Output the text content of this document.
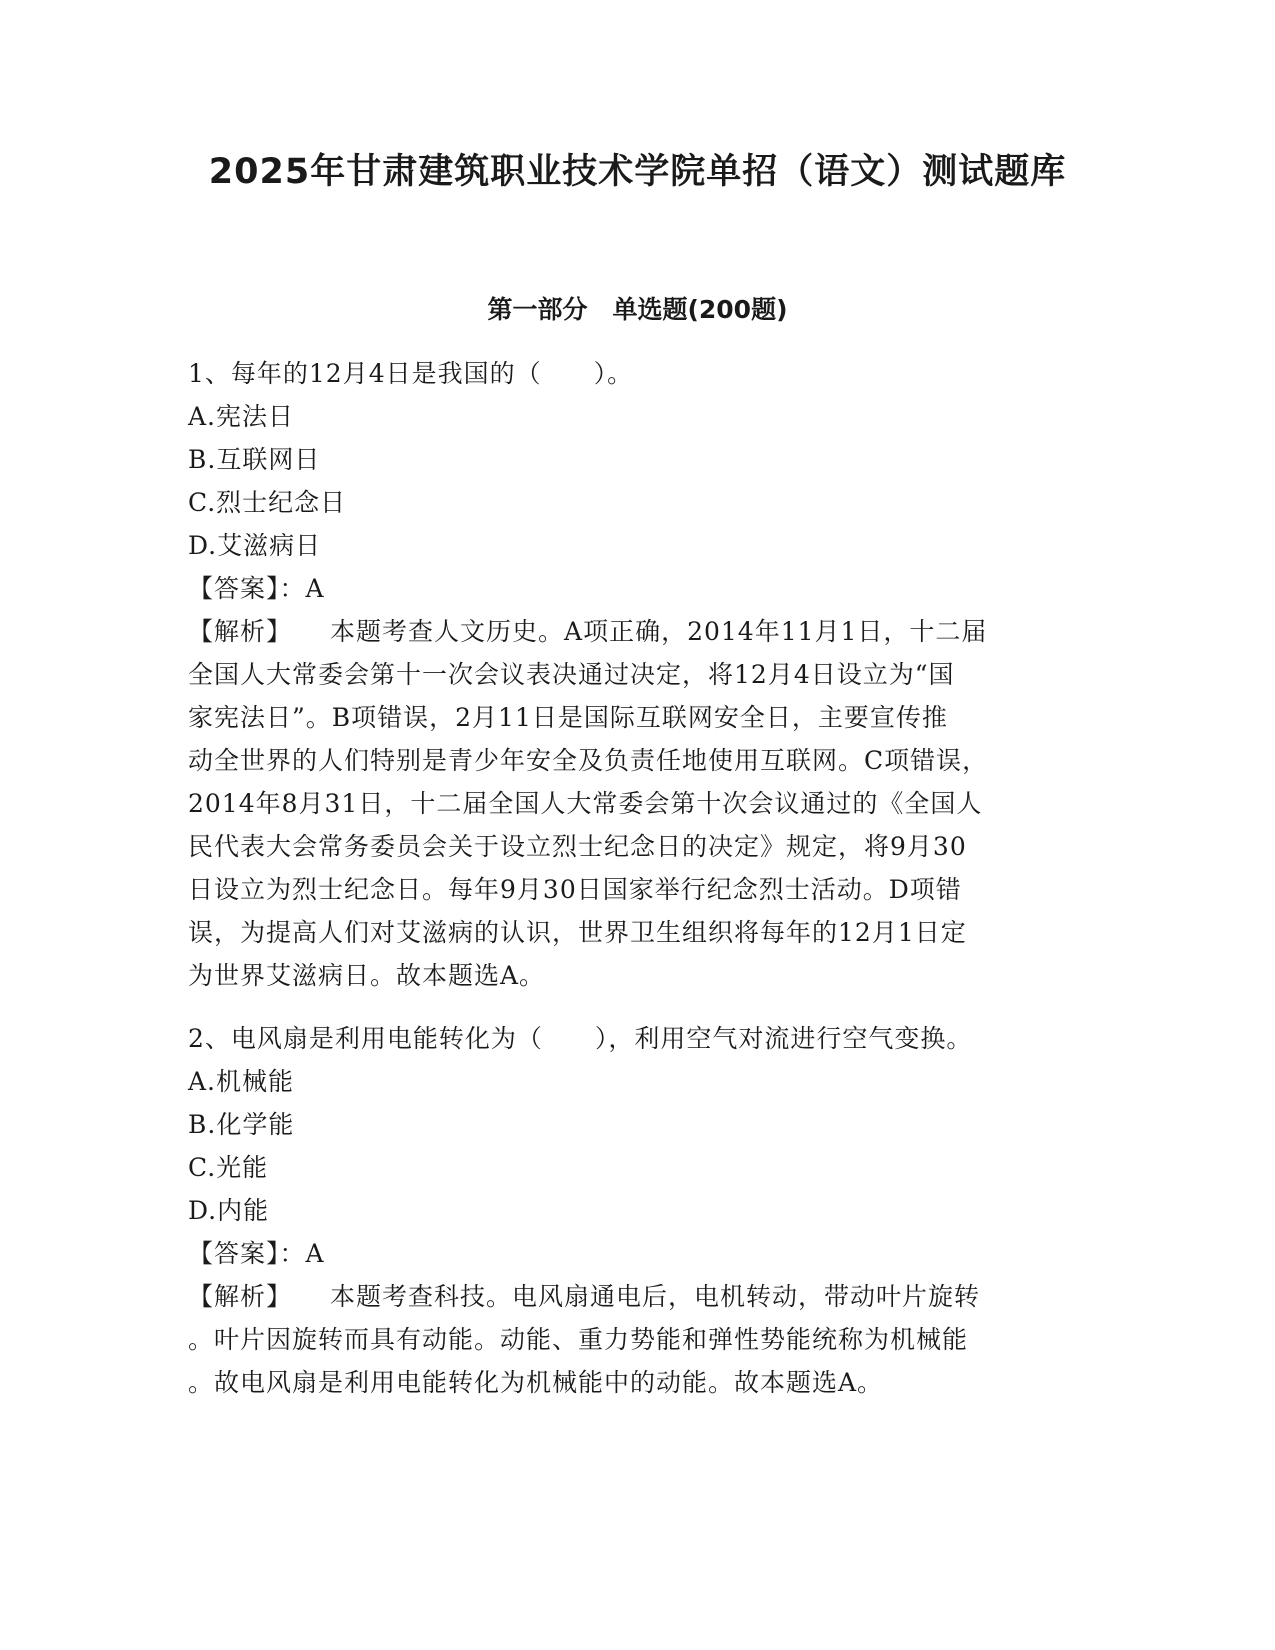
2025年甘肃建筑职业技术学院单招（语文）测试题库
第一部分　单选题(200题)
1、每年的12月4日是我国的（　　）。
A.宪法日
B.互联网日
C.烈士纪念日
D.艾滋病日
【答案】：A
【解析】 本题考查人文历史。A项正确，2014年11月1日，十二届
全国人大常委会第十一次会议表决通过决定，将12月4日设立为“国
家宪法日”。B项错误，2月11日是国际互联网安全日，主要宣传推
动全世界的人们特别是青少年安全及负责任地使用互联网。C项错误，
2014年8月31日，十二届全国人大常委会第十次会议通过的《全国人
民代表大会常务委员会关于设立烈士纪念日的决定》规定，将9月30
日设立为烈士纪念日。每年9月30日国家举行纪念烈士活动。D项错
误，为提高人们对艾滋病的认识，世界卫生组织将每年的12月1日定
为世界艾滋病日。故本题选A。
2、电风扇是利用电能转化为（　　），利用空气对流进行空气变换。
A.机械能
B.化学能
C.光能
D.内能
【答案】：A
【解析】 本题考查科技。电风扇通电后，电机转动，带动叶片旋转
。叶片因旋转而具有动能。动能、重力势能和弹性势能统称为机械能
。故电风扇是利用电能转化为机械能中的动能。故本题选A。
